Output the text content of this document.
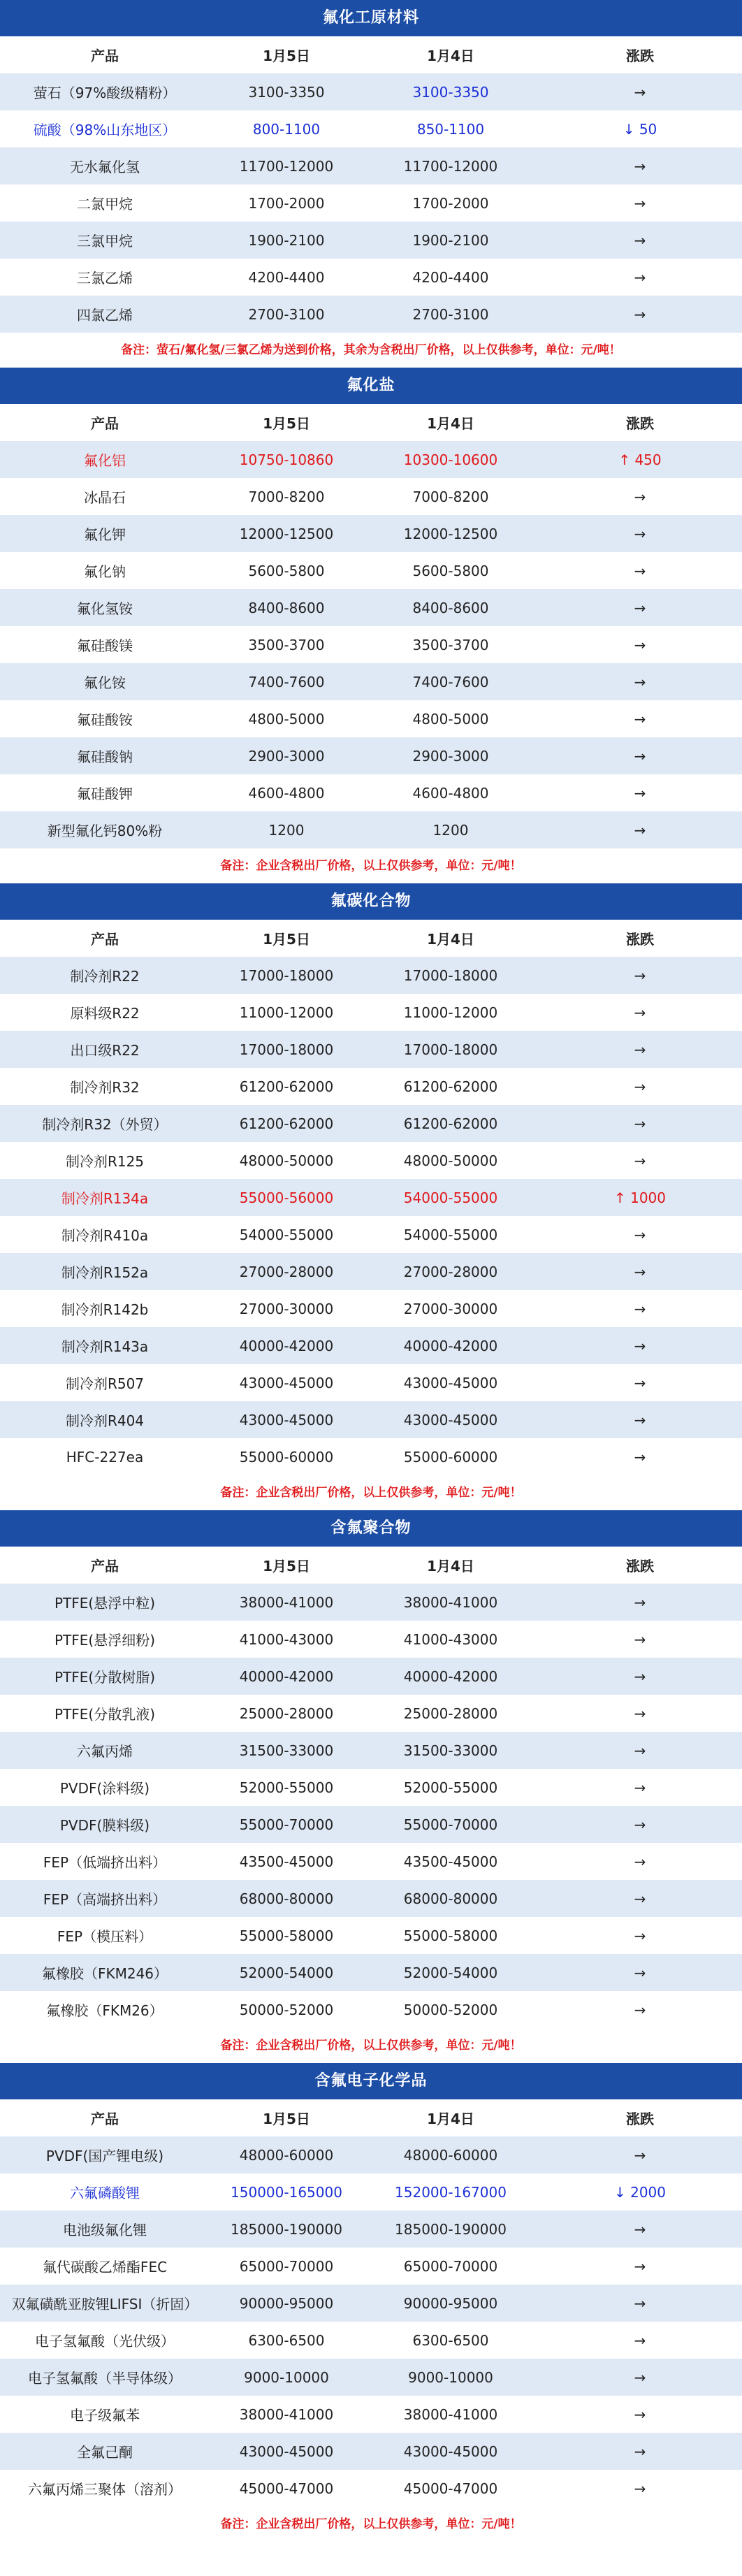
氟化工原材料
产品	1月5日	1月4日	涨跌
萤石（97%酸级精粉）	3100-3350	3100-3350	→
硫酸（98%山东地区）	800-1100	850-1100	↓ 50
无水氟化氢	11700-12000	11700-12000	→
二氯甲烷	1700-2000	1700-2000	→
三氯甲烷	1900-2100	1900-2100	→
三氯乙烯	4200-4400	4200-4400	→
四氯乙烯	2700-3100	2700-3100	→
备注：萤石/氟化氢/三氯乙烯为送到价格，其余为含税出厂价格，以上仅供参考，单位：元/吨！
氟化盐
产品	1月5日	1月4日	涨跌
氟化铝	10750-10860	10300-10600	↑ 450
冰晶石	7000-8200	7000-8200	→
氟化钾	12000-12500	12000-12500	→
氟化钠	5600-5800	5600-5800	→
氟化氢铵	8400-8600	8400-8600	→
氟硅酸镁	3500-3700	3500-3700	→
氟化铵	7400-7600	7400-7600	→
氟硅酸铵	4800-5000	4800-5000	→
氟硅酸钠	2900-3000	2900-3000	→
氟硅酸钾	4600-4800	4600-4800	→
新型氟化钙80%粉	1200	1200	→
备注：企业含税出厂价格，以上仅供参考，单位：元/吨！
氟碳化合物
产品	1月5日	1月4日	涨跌
制冷剂R22	17000-18000	17000-18000	→
原料级R22	11000-12000	11000-12000	→
出口级R22	17000-18000	17000-18000	→
制冷剂R32	61200-62000	61200-62000	→
制冷剂R32（外贸）	61200-62000	61200-62000	→
制冷剂R125	48000-50000	48000-50000	→
制冷剂R134a	55000-56000	54000-55000	↑ 1000
制冷剂R410a	54000-55000	54000-55000	→
制冷剂R152a	27000-28000	27000-28000	→
制冷剂R142b	27000-30000	27000-30000	→
制冷剂R143a	40000-42000	40000-42000	→
制冷剂R507	43000-45000	43000-45000	→
制冷剂R404	43000-45000	43000-45000	→
HFC-227ea	55000-60000	55000-60000	→
备注：企业含税出厂价格，以上仅供参考，单位：元/吨！
含氟聚合物
产品	1月5日	1月4日	涨跌
PTFE(悬浮中粒)	38000-41000	38000-41000	→
PTFE(悬浮细粉)	41000-43000	41000-43000	→
PTFE(分散树脂)	40000-42000	40000-42000	→
PTFE(分散乳液)	25000-28000	25000-28000	→
六氟丙烯	31500-33000	31500-33000	→
PVDF(涂料级)	52000-55000	52000-55000	→
PVDF(膜料级)	55000-70000	55000-70000	→
FEP（低端挤出料）	43500-45000	43500-45000	→
FEP（高端挤出料）	68000-80000	68000-80000	→
FEP（模压料）	55000-58000	55000-58000	→
氟橡胶（FKM246）	52000-54000	52000-54000	→
氟橡胶（FKM26）	50000-52000	50000-52000	→
备注：企业含税出厂价格，以上仅供参考，单位：元/吨！
含氟电子化学品
产品	1月5日	1月4日	涨跌
PVDF(国产锂电级)	48000-60000	48000-60000	→
六氟磷酸锂	150000-165000	152000-167000	↓ 2000
电池级氟化锂	185000-190000	185000-190000	→
氟代碳酸乙烯酯FEC	65000-70000	65000-70000	→
双氟磺酰亚胺锂LIFSI（折固）	90000-95000	90000-95000	→
电子氢氟酸（光伏级）	6300-6500	6300-6500	→
电子氢氟酸（半导体级）	9000-10000	9000-10000	→
电子级氟苯	38000-41000	38000-41000	→
全氟己酮	43000-45000	43000-45000	→
六氟丙烯三聚体（溶剂）	45000-47000	45000-47000	→
备注：企业含税出厂价格，以上仅供参考，单位：元/吨！
